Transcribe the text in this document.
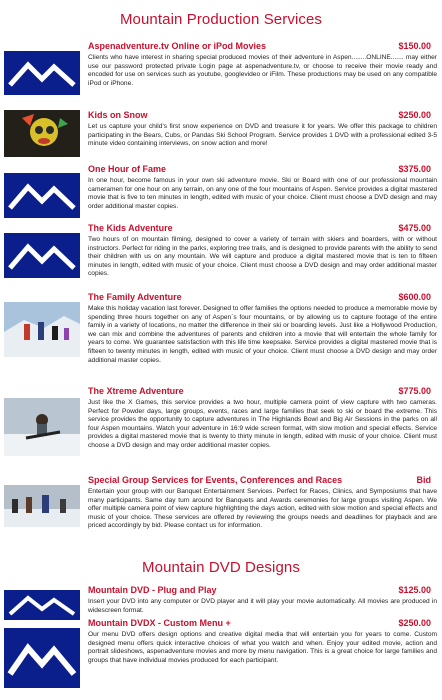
Mountain Production Services
Aspenadventure.tv Online or iPod Movies	$150.00

Clients who have interest in sharing special produced movies of their adventure in Aspen........ONLINE....... may either use our password protected private Login page at aspenadventure.tv, or choose to receive their movie ready and encoded for use on services such as youtube, googlevideo or iFilm. These productions may be used on any compatible iPod or iPhone.

Kids on Snow	$250.00

Let us capture your child's first snow experience on DVD and treasure it for years. We offer this package to children participating in the Bears, Cubs, or Pandas Ski School Program. Service provides 1 DVD with a professional edited 3-5 minute video containing interviews, on snow action and more!

One Hour of Fame	$375.00

In one hour, become famous in your own ski adventure movie. Ski or Board with one of our professional mountain cameramen for one hour on any terrain, on any one of the four mountains of Aspen. Service provides a digital mastered movie that is five to ten minutes in length, edited with music of your choice. Client must choose a DVD design and may order additional master copies.

The Kids Adventure	$475.00

Two hours of on mountain filming, designed to cover a variety of terrain with skiers and boarders, with or without instructors. Perfect for riding in the parks, exploring tree trails, and is designed to provide parents with the ability to send their children with us on any mountain. We will capture and produce a digital mastered movie that is ten to fifteen minutes in length, edited with music of your choice. Client must choose a DVD design and may order additional master copies.

The Family Adventure	$600.00

Make this holiday vacation last forever. Designed to offer families the options needed to produce a memorable movie by spending three hours together on any of Aspen´s four mountains, or by allowing us to capture footage of the entire family in a variety of locations, no matter the difference in their ski or boarding levels. Just like a Hollywood Production, we can mix and combine the adventures of parents and children into a movie that will entertain the whole family for years to come. We guarantee satisfaction with this life time keepsake. Service provides a digital mastered movie that is fifteen to twenty minutes in length, edited with music of your choice. Client must choose a DVD design and may order additional master copies.

The Xtreme Adventure	$775.00

Just like the X Games, this service provides a two hour, multiple camera point of view capture with two cameras. Perfect for Powder days, large groups, events, races and large families that seek to ski or board the extreme. This service provides the opportunity to capture adventures in The Highlands Bowl and Big Air Sessions in the parks on all four Aspen mountains. Watch your adventure in 16:9 wide screen format, with slow motion and special effects. Service provides a digital mastered movie that is twenty to thirty minute in length, edited with music of your choice. Client must choose a DVD design and may order additional master copies.

Special Group Services for Events, Conferences and Races	Bid

Entertain your group with our Banquet Entertainment Services. Perfect for Races, Clinics, and Symposiums that have many participants. Same day turn around for Banquets and Awards ceremonies for large groups visiting Aspen. We offer multiple camera point of view capture highlighting the days action, edited with slow motion and special effects and music of your choice. These services are offered by reviewing the groups needs and deadlines for playback and are priced accordingly by bid. Please contact us for information.

Mountain DVD Designs
Mountain DVD - Plug and Play	$125.00

Insert your DVD into any computer or DVD player and it will play your movie automatically. All movies are produced in widescreen format.

Mountain DVDX - Custom Menu +	$250.00

Our menu DVD offers design options and creative digital media that will entertain you for years to come. Custom designed menu offers quick interactive choices of what you watch and when. Enjoy your edited movie, action and portrait slideshows, aspenadventure movies and more by menu navigation. This is a great choice for large families and groups that have individual movies produced for each participant.
